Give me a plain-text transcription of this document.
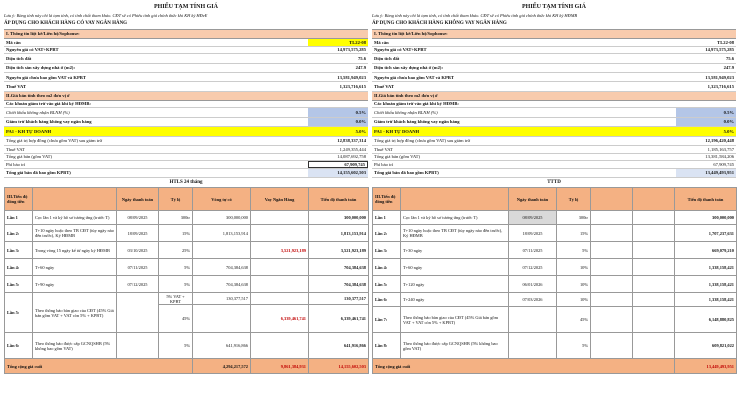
PHIẾU TẠM TÍNH GIÁ
Lưu ý: Bảng tính này chỉ là tạm tính, có tính chất tham khảo. CĐT sẽ có Phiếu tính giá chính thức khi KH ký HĐeE
ÁP DỤNG CHO KHÁCH HÀNG CÓ VAY NGÂN HÀNG
I. Thông tin liệt kê/Liên hệ/Sophouse:
Mã căn	TL22-08
Nguyên giá có VAT+KPBT	14,973,575,285
Diện tích đất	75.6
Diện tích sàn xây dựng nhà ở (m2):	247.9
Nguyên giá chưa bao gồm VAT và KPBT	13,581,949,023
Thuế VAT	1,323,716,615
II.Giá bán tính theo m2 đơn vị ở
Các khoản giảm trừ vào giá khi ký HĐMB:
Chiết khấu không nhận BLNH (%)	0.5%
Giảm trừ khách hàng không vay ngân hàng	0.0%
PA1 - KH TỰ DOANH	5.0%
Tổng giá trị hợp đồng (chưa gồm VAT) sau giảm trừ	12,838,337,314
Thuế VAT	1,249,355,444
Tổng giá bán (gồm VAT)	14,087,692,758
Phí bảo trì	67,909,745
Tổng giá bán đã bao gồm KPBT)	14,155,602,503
HTLS 24 tháng
III.Tiến độ đóng tiền		Ngày thanh toán	Tỷ lệ	Vòng tự có	Vay Ngân Hàng	Tiến độ thanh toán
Lần 1	Cọc lần 1 và ký hồ sơ tương ứng (trước T)	08/09/2025	300tr	300,000,000		300,000,000
Lần 2:	T+10 ngày hoặc theo TB CĐT (tùy ngày nào đến trước), Ký HĐMB	18/09/2025	15%	1,813,153,914		1,813,153,914
Lần 3:	Trong vòng 15 ngày kể từ ngày ký HĐMB	03/10/2025	25%		3,521,923,189	3,521,923,189
Lần 4:	T+60 ngày	07/11/2025	5%	704,384,638		704,384,638
Lần 5:	T+90 ngày	07/12/2025	5%	704,384,638		704,384,638
Lần 5:	Theo thông báo bàn giao của CĐT (45% Giá bán gồm VAT + VAT còn 5% + KPBT)		5% VAT + KPBT	130,377,517		130,377,517
			45%		6,339,461,741	6,339,461,741
Lần 6:	Theo thông báo được cấp GCNQSHB (5% không bao gồm VAT)		5%	641,916,866		641,916,866
Tổng cộng giá cuối				4,294,217,572	9,861,384,931	14,155,602,503
PHIẾU TẠM TÍNH GIÁ
Lưu ý: Bảng tính này chỉ là tạm tính, có tính chất tham khảo. CĐT sẽ có Phiếu tính giá chính thức khi KH ký HĐMB
ÁP DỤNG CHO KHÁCH HÀNG KHÔNG VAY NGÂN HÀNG
I. Thông tin liệt kê/Liên hệ/Sophouse:
Mã căn	TL22-08
Nguyên giá có VAT+KPBT	14,973,575,285
Diện tích đất	75.6
Diện tích sàn xây dựng nhà ở (m2):	247.9
Nguyên giá chưa bao gồm VAT và KPBT	13,581,949,023
Thuế VAT	1,323,716,615
II.Giá bán tính theo m2 đơn vị ở
Các khoản giảm trừ vào giá khi ký HĐMB:
Chiết khấu không nhận BLNH (%)	0.5%
Giảm trừ khách hàng không vay ngân hàng	0.0%
PA1 - KH TỰ DOANH	5.0%
Tổng giá trị hợp đồng (chưa gồm VAT) sau giảm trừ	12,196,420,448
Thuế VAT	1,185,163,757
Tổng giá bán (gồm VAT)	13,381,584,206
Phí bảo trì	67,909,745
Tổng giá bán đã bao gồm KPBT)	13,449,493,951
TTTD
III.Tiến độ đóng tiền		Ngày thanh toán	Tỷ lệ			Tiến độ thanh toán
Lần 1	Cọc lần 1 và ký hồ sơ tương ứng (trước T)	08/09/2025	300tr			300,000,000
Lần 2:	T+10 ngày hoặc theo TB CĐT (tùy ngày nào đến trước), Ký HĐMB	18/09/2025	15%			1,707,237,631
Lần 3:	T+30 ngày	07/11/2025	5%			669,079,210
Lần 4:	T+60 ngày	07/12/2025	10%			1,338,158,421
Lần 5:	T+120 ngày	06/01/2026	10%			1,338,158,421
Lần 6:	T+240 ngày	07/03/2026	10%			1,338,158,421
Lần 7:	Theo thông báo bàn giao của CĐT (45% Giá bán gồm VAT + VAT còn 5% + KPBT)		45%			6,148,880,825
Lần 8:	Theo thông báo được cấp GCNQSHB (5% không bao gồm VAT)		5%			609,821,022
Tổng cộng giá cuối						13,449,493,951
